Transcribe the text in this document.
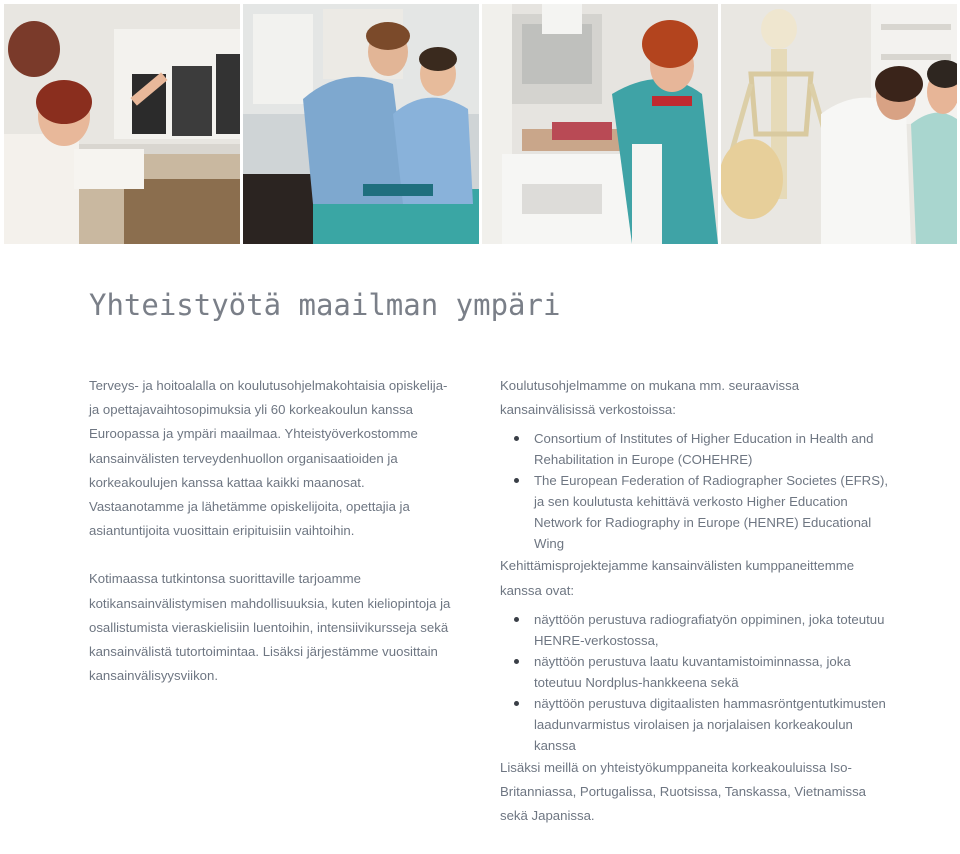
Yhteistyötä maailman ympäri

Terveys- ja hoitoalalla on koulutusohjelmakohtaisia opiskelija- ja opettajavaihtosopimuksia yli 60 korkeakoulun kanssa Euroopassa ja ympäri maailmaa. Yhteistyöverkostomme kansainvälisten terveydenhuollon organisaatioiden ja korkeakoulujen kanssa kattaa kaikki maanosat. Vastaanotamme ja lähetämme opiskelijoita, opettajia ja asiantuntijoita vuosittain eripituisiin vaihtoihin.

Kotimaassa tutkintonsa suorittaville tarjoamme kotikansainvälistymisen mahdollisuuksia, kuten kieliopintoja ja osallistumista vieraskielisiin luentoihin, intensiivikursseja sekä kansainvälistä tutortoimintaa. Lisäksi järjestämme vuosittain kansainvälisyysviikon.

Koulutusohjelmamme on mukana mm. seuraavissa kansainvälisissä verkostoissa:

Consortium of Institutes of Higher Education in Health and Rehabilitation in Europe (COHEHRE)
The European Federation of Radiographer Societes (EFRS), ja sen koulutusta kehittävä verkosto Higher Education Network for Radiography in Europe (HENRE) Educational Wing

Kehittämisprojektejamme kansainvälisten kumppaneittemme kanssa ovat:

näyttöön perustuva radiografiatyön oppiminen, joka toteutuu HENRE-verkostossa,
näyttöön perustuva laatu kuvantamistoiminnassa, joka toteutuu Nordplus-hankkeena sekä
näyttöön perustuva digitaalisten hammasröntgentutkimusten laadunvarmistus virolaisen ja norjalaisen korkeakoulun kanssa

Lisäksi meillä on yhteistyökumppaneita korkeakouluissa Iso-Britanniassa, Portugalissa, Ruotsissa, Tanskassa, Vietnamissa sekä Japanissa.
